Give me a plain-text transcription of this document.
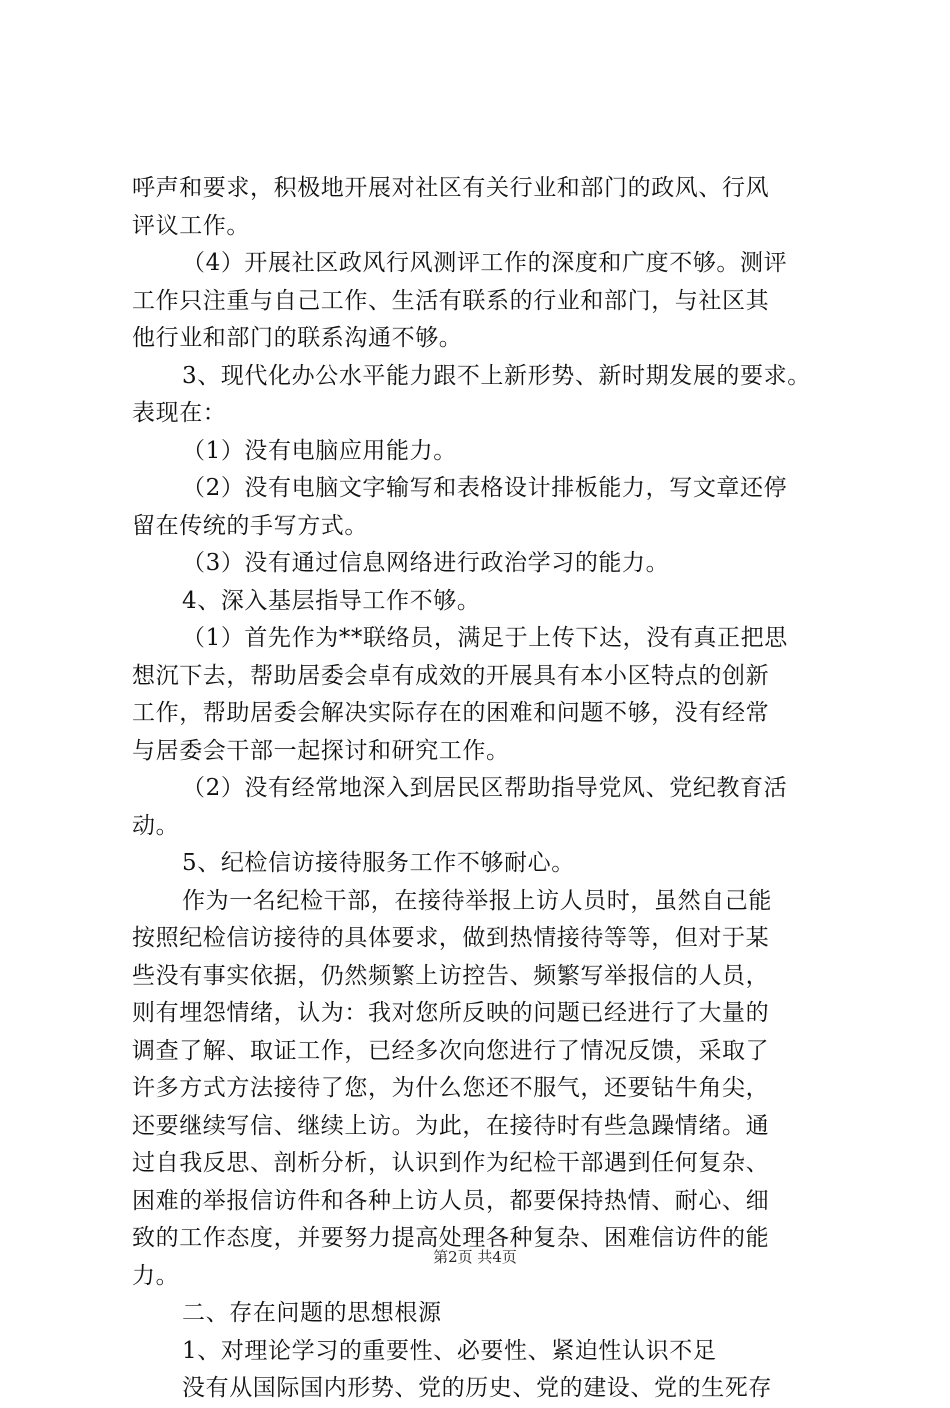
呼声和要求，积极地开展对社区有关行业和部门的政风、行风
评议工作。
（4）开展社区政风行风测评工作的深度和广度不够。测评
工作只注重与自己工作、生活有联系的行业和部门，与社区其
他行业和部门的联系沟通不够。
3、现代化办公水平能力跟不上新形势、新时期发展的要求。
表现在：
（1）没有电脑应用能力。
（2）没有电脑文字输写和表格设计排板能力，写文章还停
留在传统的手写方式。
（3）没有通过信息网络进行政治学习的能力。
4、深入基层指导工作不够。
（1）首先作为**联络员，满足于上传下达，没有真正把思
想沉下去，帮助居委会卓有成效的开展具有本小区特点的创新
工作，帮助居委会解决实际存在的困难和问题不够，没有经常
与居委会干部一起探讨和研究工作。
（2）没有经常地深入到居民区帮助指导党风、党纪教育活
动。
5、纪检信访接待服务工作不够耐心。
作为一名纪检干部，在接待举报上访人员时，虽然自己能
按照纪检信访接待的具体要求，做到热情接待等等，但对于某
些没有事实依据，仍然频繁上访控告、频繁写举报信的人员，
则有埋怨情绪，认为：我对您所反映的问题已经进行了大量的
调查了解、取证工作，已经多次向您进行了情况反馈，采取了
许多方式方法接待了您，为什么您还不服气，还要钻牛角尖，
还要继续写信、继续上访。为此，在接待时有些急躁情绪。通
过自我反思、剖析分析，认识到作为纪检干部遇到任何复杂、
困难的举报信访件和各种上访人员，都要保持热情、耐心、细
致的工作态度，并要努力提高处理各种复杂、困难信访件的能
力。
二、存在问题的思想根源
1、对理论学习的重要性、必要性、紧迫性认识不足
没有从国际国内形势、党的历史、党的建设、党的生死存
第2页 共4页
